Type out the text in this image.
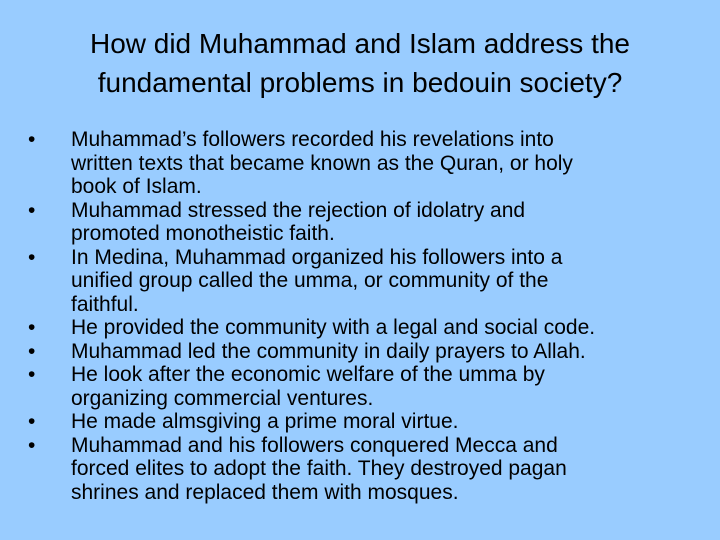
How did Muhammad and Islam address the
fundamental problems in bedouin society?
•	Muhammad’s followers recorded his revelations into
written texts that became known as the Quran, or holy
book of Islam.
•	Muhammad stressed the rejection of idolatry and
promoted monotheistic faith.
•	In Medina, Muhammad organized his followers into a
unified group called the umma, or community of the
faithful.
•	He provided the community with a legal and social code.
•	Muhammad led the community in daily prayers to Allah.
•	He look after the economic welfare of the umma by
organizing commercial ventures.
•	He made almsgiving a prime moral virtue.
•	Muhammad and his followers conquered Mecca and
forced elites to adopt the faith. They destroyed pagan
shrines and replaced them with mosques.
